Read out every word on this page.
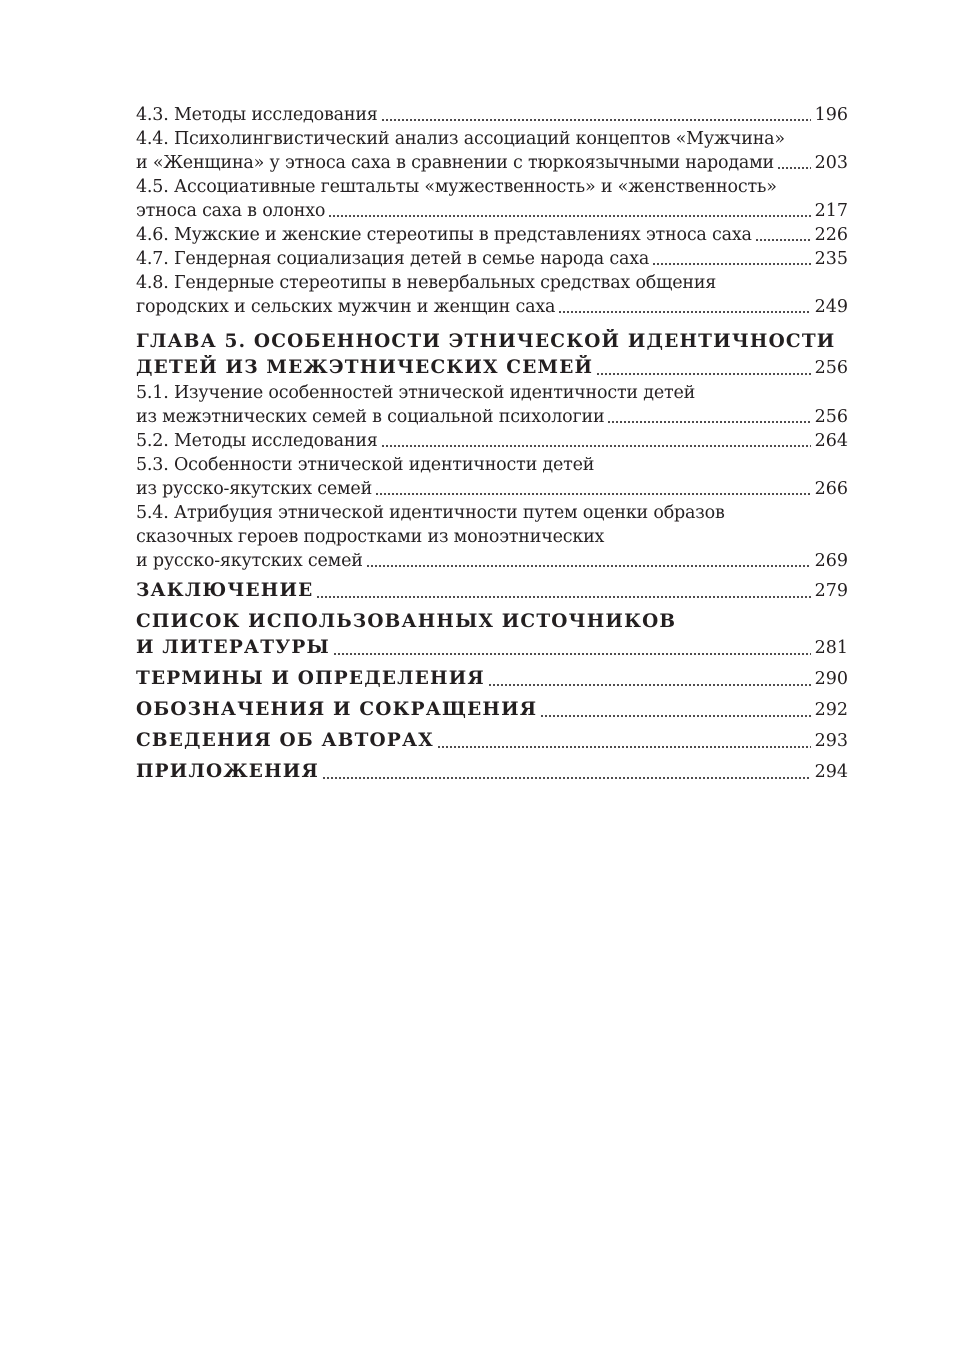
4.3. Методы исследования	196
4.4. Психолингвистический анализ ассоциаций концептов «Мужчина»
и «Женщина» у этноса саха в сравнении с тюркоязычными народами 203
4.5. Ассоциативные гештальты «мужественность» и «женственность»
этноса саха в олонхо	217
4.6. Мужские и женские стереотипы в представлениях этноса саха	226
4.7. Гендерная социализация детей в семье народа саха	235
4.8. Гендерные стереотипы в невербальных средствах общения
городских и сельских мужчин и женщин саха	249
ГЛАВА 5. ОСОБЕННОСТИ ЭТНИЧЕСКОЙ ИДЕНТИЧНОСТИ
ДЕТЕЙ ИЗ МЕЖЭТНИЧЕСКИХ СЕМЕЙ	256
5.1. Изучение особенностей этнической идентичности детей
из межэтнических семей в социальной психологии	256
5.2. Методы исследования	264
5.3. Особенности этнической идентичности детей
из русско-якутских семей	266
5.4. Атрибуция этнической идентичности путем оценки образов
сказочных героев подростками из моноэтнических
и русско-якутских семей	269
ЗАКЛЮЧЕНИЕ	279
СПИСОК ИСПОЛЬЗОВАННЫХ ИСТОЧНИКОВ
И ЛИТЕРАТУРЫ	281
ТЕРМИНЫ И ОПРЕДЕЛЕНИЯ	290
ОБОЗНАЧЕНИЯ И СОКРАЩЕНИЯ	292
СВЕДЕНИЯ ОБ АВТОРАХ	293
ПРИЛОЖЕНИЯ	294
